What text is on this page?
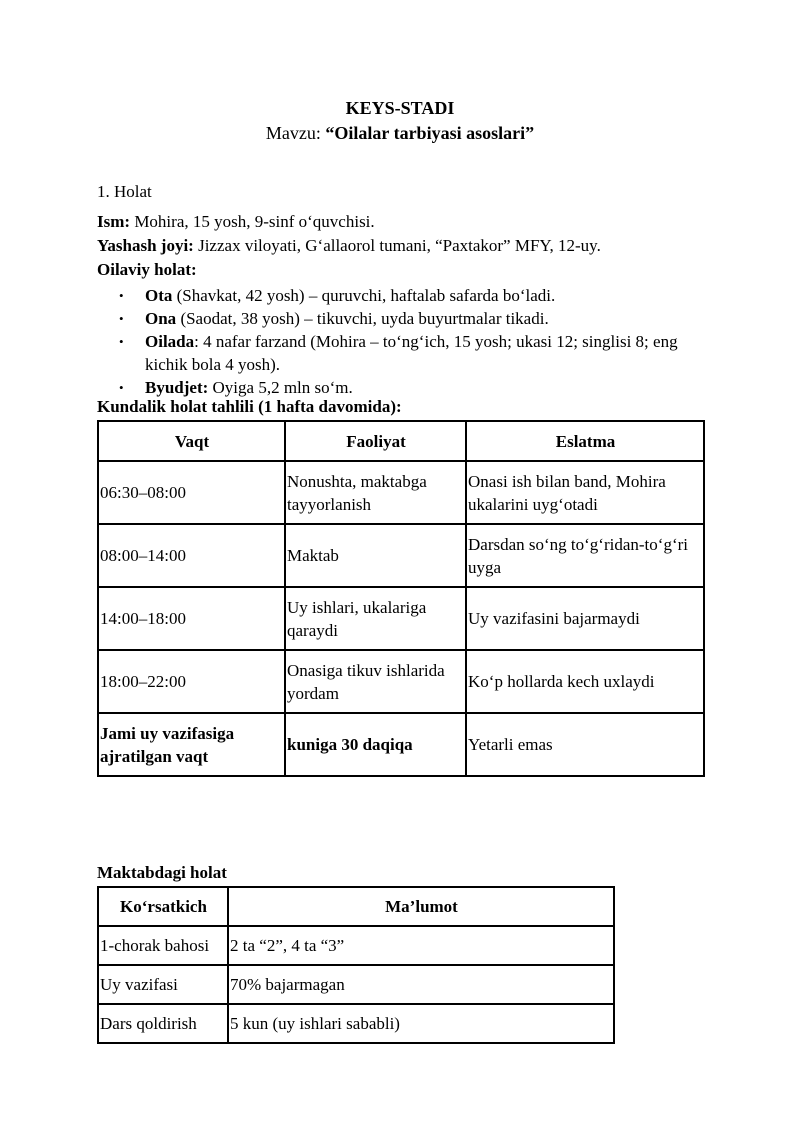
KEYS-STADI
Mavzu: “Oilalar tarbiyasi asoslari”
1. Holat
Ism: Mohira, 15 yosh, 9-sinf o‘quvchisi.
Yashash joyi: Jizzax viloyati, G‘allaorol tumani, “Paxtakor” MFY, 12-uy.
Oilaviy holat:
• Ota (Shavkat, 42 yosh) – quruvchi, haftalab safarda bo‘ladi.
• Ona (Saodat, 38 yosh) – tikuvchi, uyda buyurtmalar tikadi.
• Oilada: 4 nafar farzand (Mohira – to‘ng‘ich, 15 yosh; ukasi 12; singlisi 8; eng kichik bola 4 yosh).
• Byudjet: Oyiga 5,2 mln so‘m.
Kundalik holat tahlili (1 hafta davomida):
Vaqt	Faoliyat	Eslatma
06:30–08:00	Nonushta, maktabga tayyorlanish	Onasi ish bilan band, Mohira ukalarini uyg‘otadi
08:00–14:00	Maktab	Darsdan so‘ng to‘g‘ridan-to‘g‘ri uyga
14:00–18:00	Uy ishlari, ukalariga qaraydi	Uy vazifasini bajarmaydi
18:00–22:00	Onasiga tikuv ishlarida yordam	Ko‘p hollarda kech uxlaydi
Jami uy vazifasiga ajratilgan vaqt	kuniga 30 daqiqa	Yetarli emas
Maktabdagi holat
Ko‘rsatkich	Ma’lumot
1-chorak bahosi	2 ta “2”, 4 ta “3”
Uy vazifasi	70% bajarmagan
Dars qoldirish	5 kun (uy ishlari sababli)
